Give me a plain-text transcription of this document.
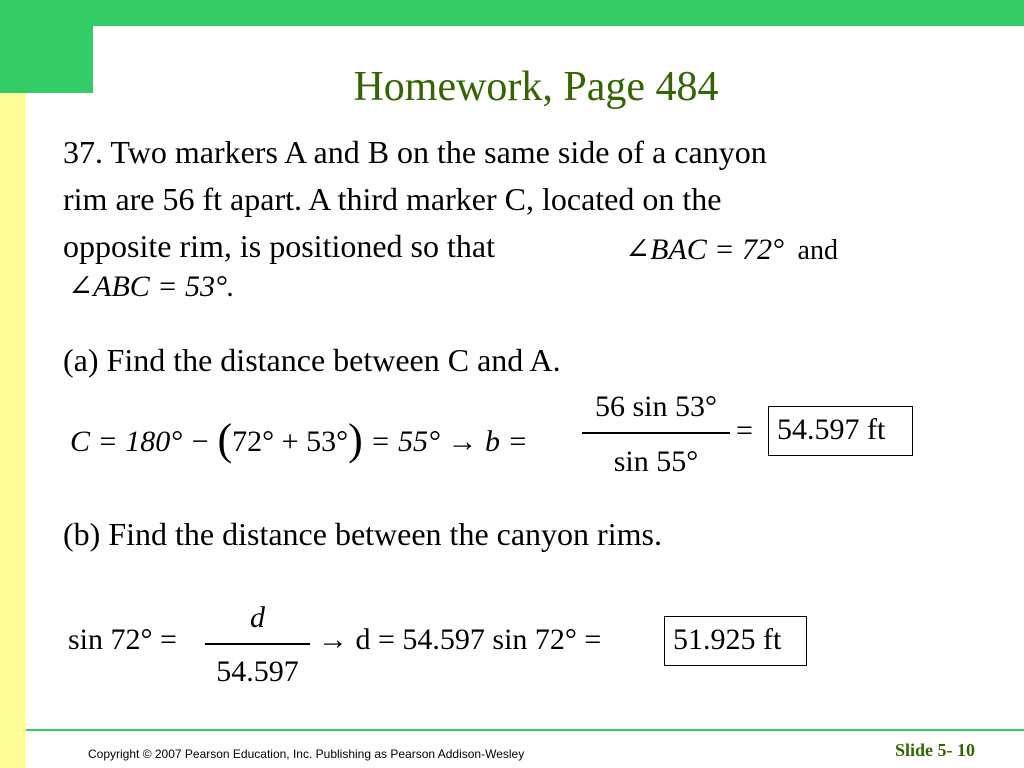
Homework, Page 484
37. Two markers A and B on the same side of a canyon
rim are 56 ft apart. A third marker C, located on the
opposite rim, is positioned so that	∠BAC = 72° and
∠ABC = 53°.
(a) Find the distance between C and A.
C = 180° − (72° + 53°) = 55° → b =
56 sin 53°
sin 55°
= 54.597 ft
(b) Find the distance between the canyon rims.
sin 72° =
d
54.597
→ d = 54.597 sin 72° =	51.925 ft
Copyright © 2007 Pearson Education, Inc. Publishing as Pearson Addison-Wesley	Slide 5- 10
